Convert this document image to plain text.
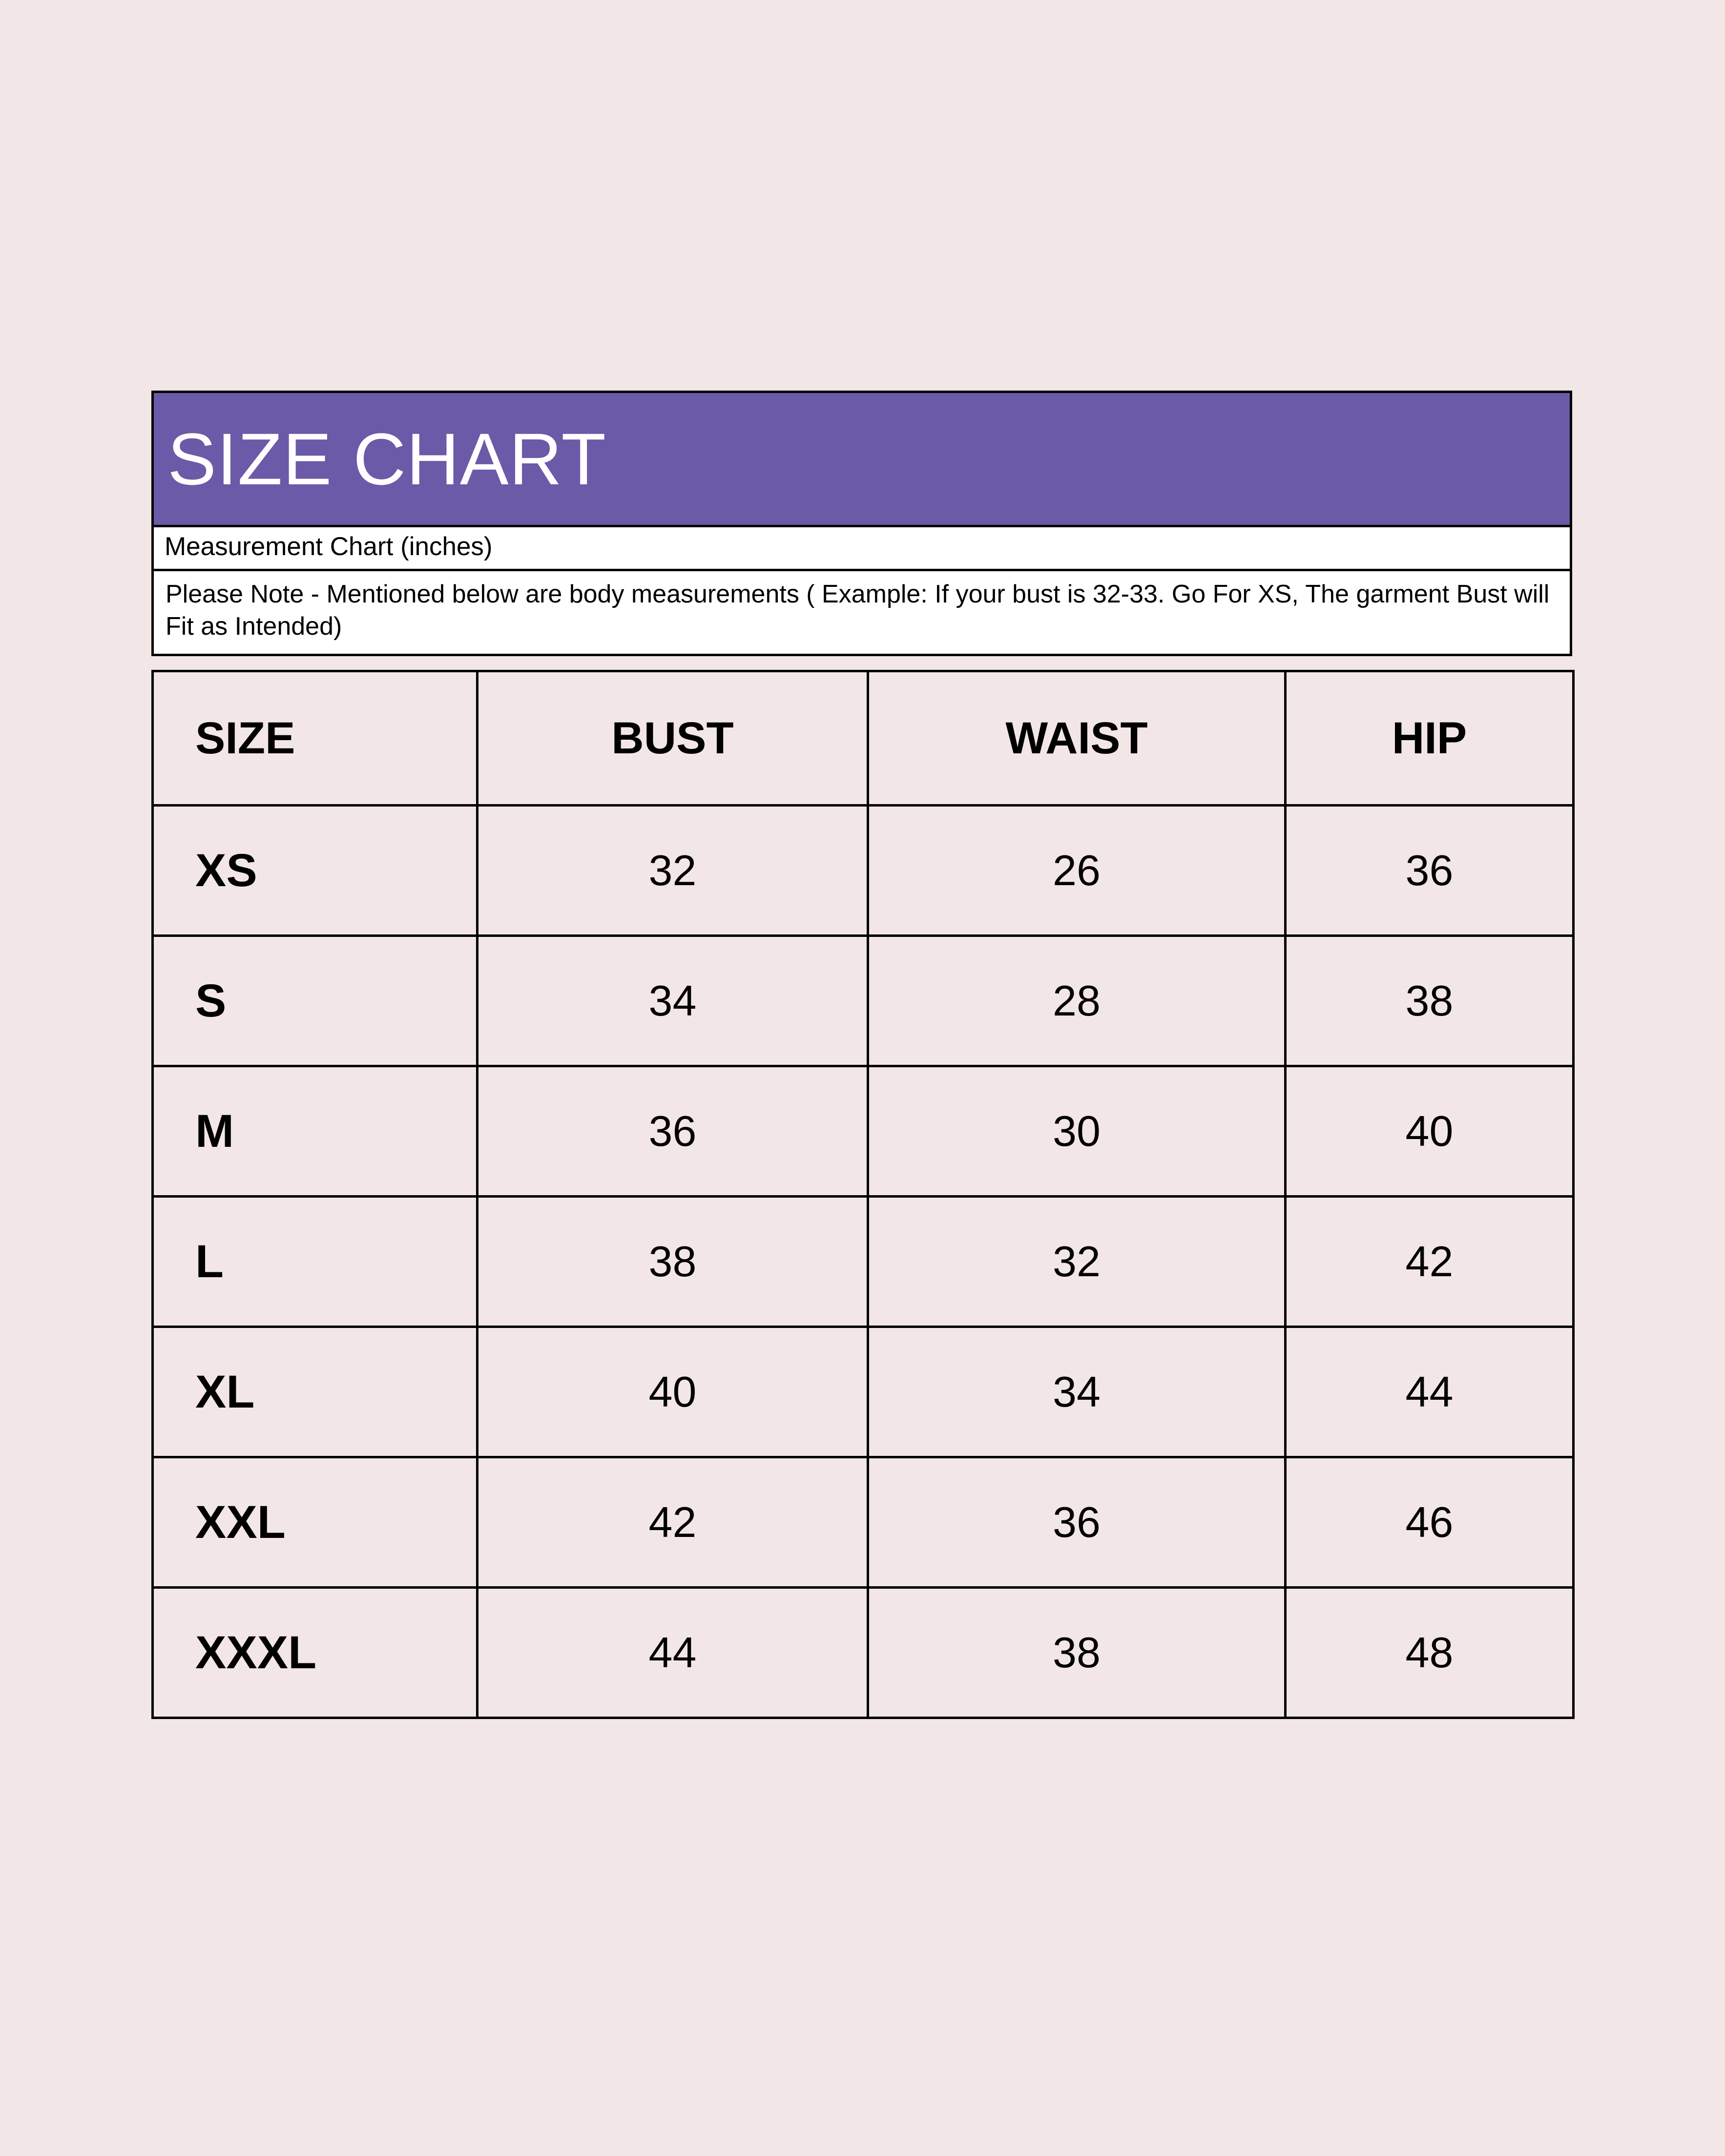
SIZE CHART
Measurement Chart (inches)
Please Note - Mentioned below are body measurements ( Example: If your bust is 32-33. Go For XS, The garment Bust will Fit as Intended)
SIZE	BUST	WAIST	HIP
XS	32	26	36
S	34	28	38
M	36	30	40
L	38	32	42
XL	40	34	44
XXL	42	36	46
XXXL	44	38	48
